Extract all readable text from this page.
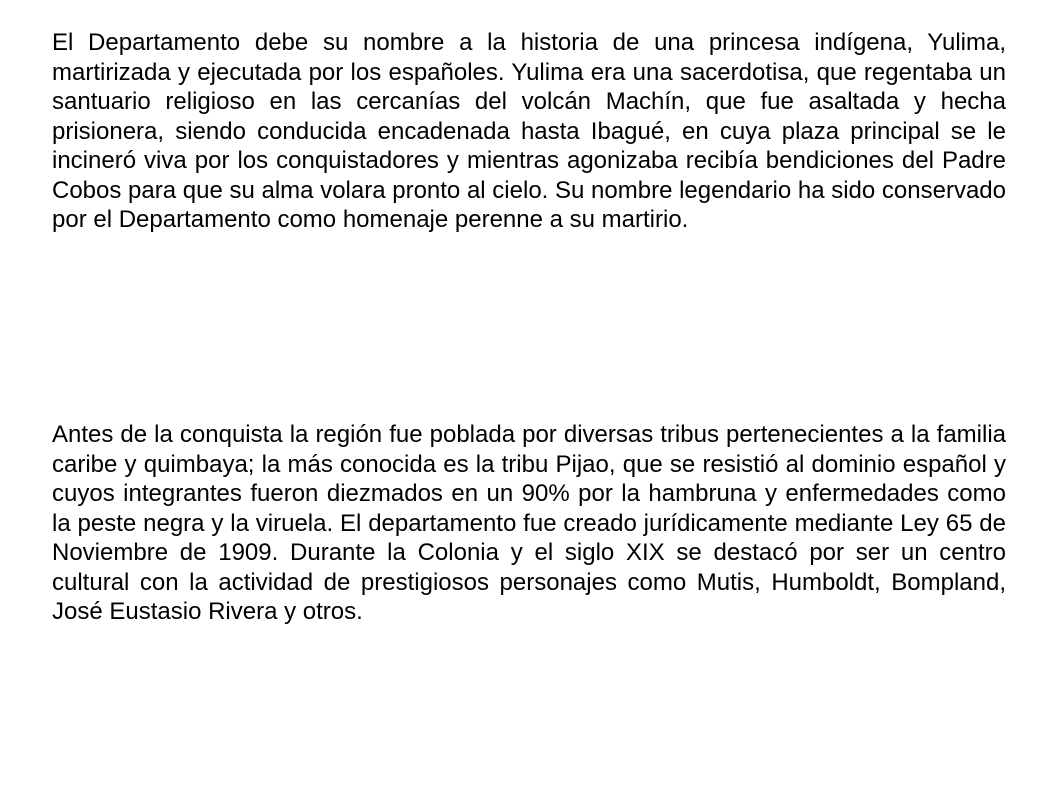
El Departamento debe su nombre a la historia de una princesa indígena, Yulima, martirizada y ejecutada por los españoles. Yulima era una sacerdotisa, que regentaba un santuario religioso en las cercanías del volcán Machín, que fue asaltada y hecha prisionera, siendo conducida encadenada hasta Ibagué, en cuya plaza principal se le incineró viva por los conquistadores y mientras agonizaba recibía bendiciones del Padre Cobos para que su alma volara pronto al cielo. Su nombre legendario ha sido conservado por el Departamento como homenaje perenne a su martirio.

Antes de la conquista la región fue poblada por diversas tribus pertenecientes a la familia caribe y quimbaya; la más conocida es la tribu Pijao, que se resistió al dominio español y cuyos integrantes fueron diezmados en un 90% por la hambruna y enfermedades como la peste negra y la viruela. El departamento fue creado jurídicamente mediante Ley 65 de Noviembre de 1909. Durante la Colonia y el siglo XIX se destacó por ser un centro cultural con la actividad de prestigiosos personajes como Mutis, Humboldt, Bompland, José Eustasio Rivera y otros.
